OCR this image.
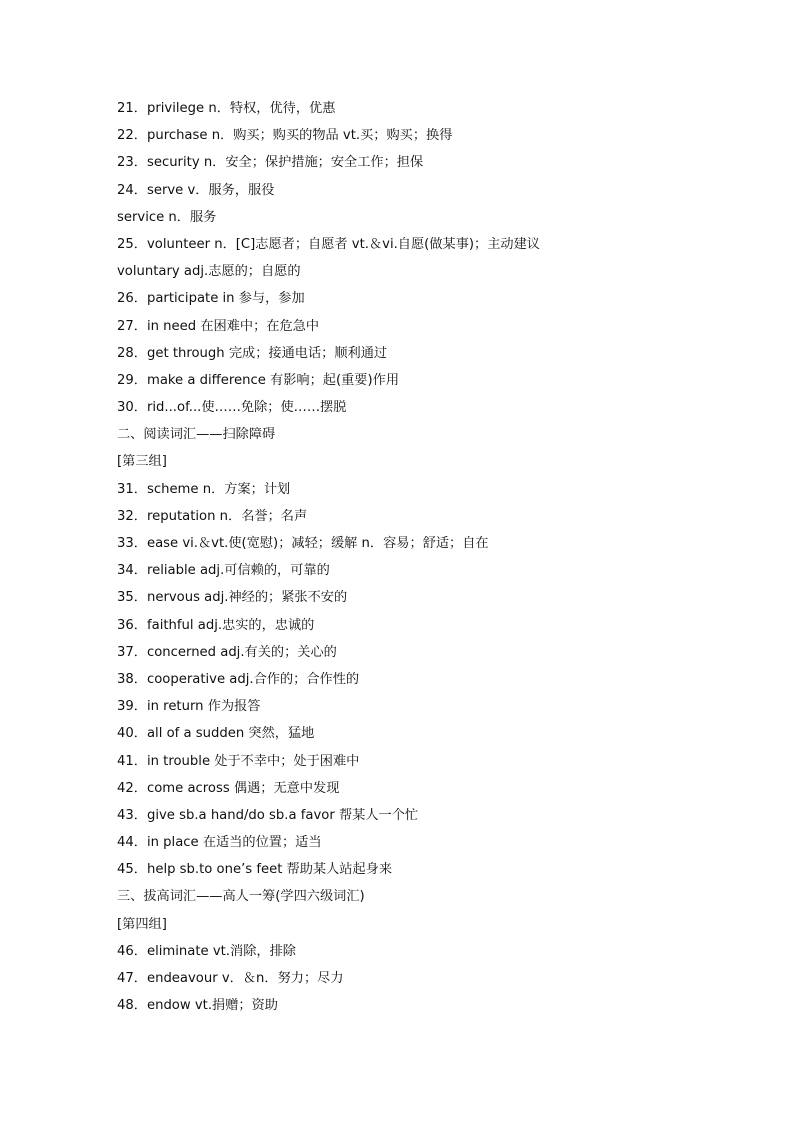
21．privilege n．特权，优待，优惠
22．purchase n．购买；购买的物品 vt.买；购买；换得
23．security n．安全；保护措施；安全工作；担保
24．serve v．服务，服役
service n．服务
25．volunteer n．[C]志愿者；自愿者 vt.＆vi.自愿(做某事)；主动建议
voluntary adj.志愿的；自愿的
26．participate in 参与，参加
27．in need 在困难中；在危急中
28．get through 完成；接通电话；顺利通过
29．make a difference 有影响；起(重要)作用
30．rid...of...使……免除；使……摆脱
二、阅读词汇——扫除障碍
[第三组]
31．scheme n．方案；计划
32．reputation n．名誉；名声
33．ease vi.＆vt.使(宽慰)；减轻；缓解 n．容易；舒适；自在
34．reliable adj.可信赖的，可靠的
35．nervous adj.神经的；紧张不安的
36．faithful adj.忠实的，忠诚的
37．concerned adj.有关的；关心的
38．cooperative adj.合作的；合作性的
39．in return 作为报答
40．all of a sudden 突然，猛地
41．in trouble 处于不幸中；处于困难中
42．come across 偶遇；无意中发现
43．give sb.a hand/do sb.a favor 帮某人一个忙
44．in place 在适当的位置；适当
45．help sb.to one’s feet 帮助某人站起身来
三、拔高词汇——高人一筹(学四六级词汇)
[第四组]
46．eliminate vt.消除，排除
47．endeavour v．＆n．努力；尽力
48．endow vt.捐赠；资助
